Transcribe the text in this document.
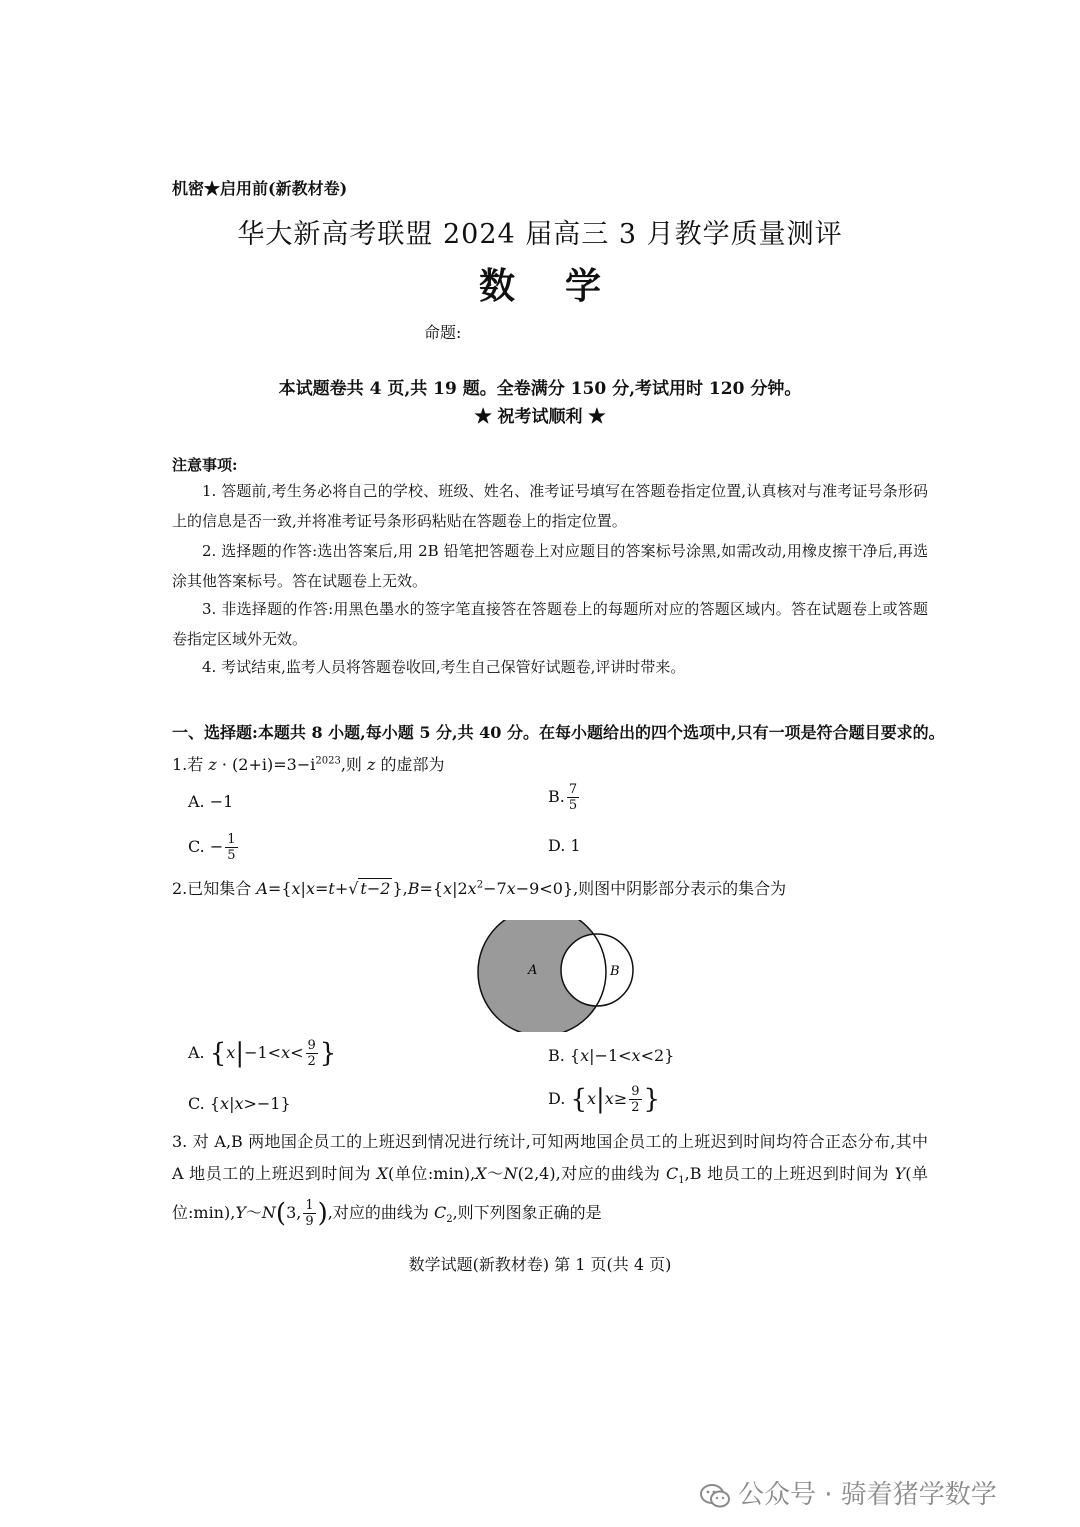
机密★启用前(新教材卷)
华大新高考联盟 2024 届高三 3 月教学质量测评
数学
命题:
本试题卷共 4 页,共 19 题。全卷满分 150 分,考试用时 120 分钟。
★ 祝考试顺利 ★
注意事项:
1. 答题前,考生务必将自己的学校、班级、姓名、准考证号填写在答题卷指定位置,认真核对与准考证号条形码上的信息是否一致,并将准考证号条形码粘贴在答题卷上的指定位置。
2. 选择题的作答:选出答案后,用 2B 铅笔把答题卷上对应题目的答案标号涂黑,如需改动,用橡皮擦干净后,再选涂其他答案标号。答在试题卷上无效。
3. 非选择题的作答:用黑色墨水的签字笔直接答在答题卷上的每题所对应的答题区域内。答在试题卷上或答题卷指定区域外无效。
4. 考试结束,监考人员将答题卷收回,考生自己保管好试题卷,评讲时带来。
一、选择题:本题共 8 小题,每小题 5 分,共 40 分。在每小题给出的四个选项中,只有一项是符合题目要求的。
1.若 $z \cdot (2+i)=3-i^{2023}$,则 z 的虚部为
A. −1	B. $\frac{7}{5}$
C. − $\frac{1}{5}$	D. 1
2.已知集合 A={x|x=t+√ t−2 }$,B=\{x|2x^2-7x-9<0\}$,则图中阴影部分表示的集合为
A	B
A. {$x|-1<x< \frac{9}{2}$ }	B. {x|−1<x<2}
C. {x|x>−1}	D. {$x|x\ge \frac{9}{2}$ }
3. 对 A,B 两地国企员工的上班迟到情况进行统计,可知两地国企员工的上班迟到时间均符合正态分布,其中 A 地员工的上班迟到时间为 X(单位:min),X～N(2,4),对应的曲线为 $C_1,B$ 地员工的上班迟到时间为 Y(单位:min),Y～N(3, $\frac{1}{9}$ ),对应的曲线为 $C_2$,则下列图象正确的是
数学试题(新教材卷) 第 1 页(共 4 页)
公众号 · 骑着猪学数学
